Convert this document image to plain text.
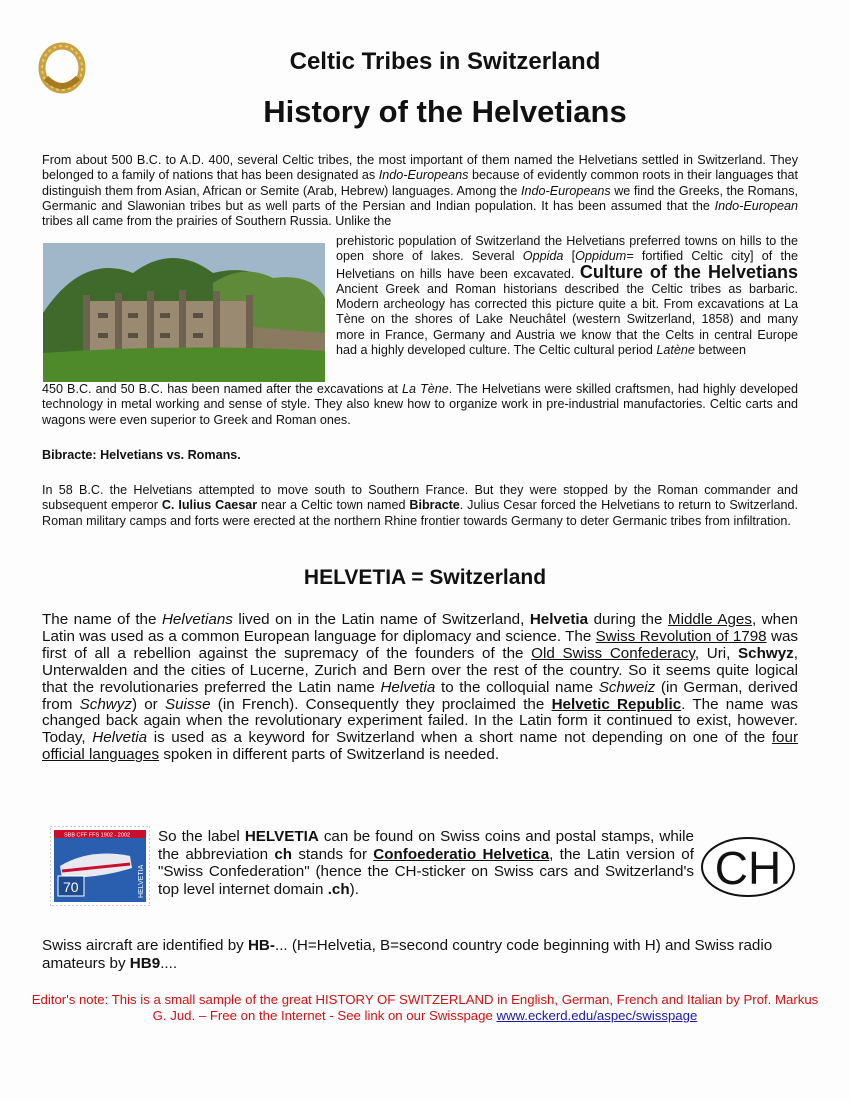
Celtic Tribes in Switzerland
History of the Helvetians

From about 500 B.C. to A.D. 400, several Celtic tribes, the most important of them named the Helvetians settled in Switzerland. They belonged to a family of nations that has been designated as Indo-Europeans because of evidently common roots in their languages that distinguish them from Asian, African or Semite (Arab, Hebrew) languages. Among the Indo-Europeans we find the Greeks, the Romans, Germanic and Slawonian tribes but as well parts of the Persian and Indian population. It has been assumed that the Indo-European tribes all came from the prairies of Southern Russia. Unlike the

prehistoric population of Switzerland the Helvetians preferred towns on hills to the open shore of lakes. Several Oppida [Oppidum= fortified Celtic city] of the Helvetians on hills have been excavated. Culture of the Helvetians Ancient Greek and Roman historians described the Celtic tribes as barbaric. Modern archeology has corrected this picture quite a bit. From excavations at La Tène on the shores of Lake Neuchâtel (western Switzerland, 1858) and many more in France, Germany and Austria we know that the Celts in central Europe had a highly developed culture. The Celtic cultural period Latène between

450 B.C. and 50 B.C. has been named after the excavations at La Tène. The Helvetians were skilled craftsmen, had highly developed technology in metal working and sense of style. They also knew how to organize work in pre-industrial manufactories. Celtic carts and wagons were even superior to Greek and Roman ones.

Bibracte: Helvetians vs. Romans.

In 58 B.C. the Helvetians attempted to move south to Southern France. But they were stopped by the Roman commander and subsequent emperor C. Iulius Caesar near a Celtic town named Bibracte. Julius Cesar forced the Helvetians to return to Switzerland. Roman military camps and forts were erected at the northern Rhine frontier towards Germany to deter Germanic tribes from infiltration.

HELVETIA = Switzerland

The name of the Helvetians lived on in the Latin name of Switzerland, Helvetia during the Middle Ages, when Latin was used as a common European language for diplomacy and science. The Swiss Revolution of 1798 was first of all a rebellion against the supremacy of the founders of the Old Swiss Confederacy, Uri, Schwyz, Unterwalden and the cities of Lucerne, Zurich and Bern over the rest of the country. So it seems quite logical that the revolutionaries preferred the Latin name Helvetia to the colloquial name Schweiz (in German, derived from Schwyz) or Suisse (in French). Consequently they proclaimed the Helvetic Republic. The name was changed back again when the revolutionary experiment failed. In the Latin form it continued to exist, however. Today, Helvetia is used as a keyword for Switzerland when a short name not depending on one of the four official languages spoken in different parts of Switzerland is needed.

SBB CFF FFS 1902 - 2002
70	HELVETIA

So the label HELVETIA can be found on Swiss coins and postal stamps, while the abbreviation ch stands for Confoederatio Helvetica, the Latin version of "Swiss Confederation" (hence the CH-sticker on Swiss cars and Switzerland's top level internet domain .ch).	CH

Swiss aircraft are identified by HB-... (H=Helvetia, B=second country code beginning with H) and Swiss radio amateurs by HB9....

Editor's note: This is a small sample of the great HISTORY OF SWITZERLAND in English, German, French and Italian by Prof. Markus G. Jud. – Free on the Internet - See link on our Swisspage www.eckerd.edu/aspec/swisspage
